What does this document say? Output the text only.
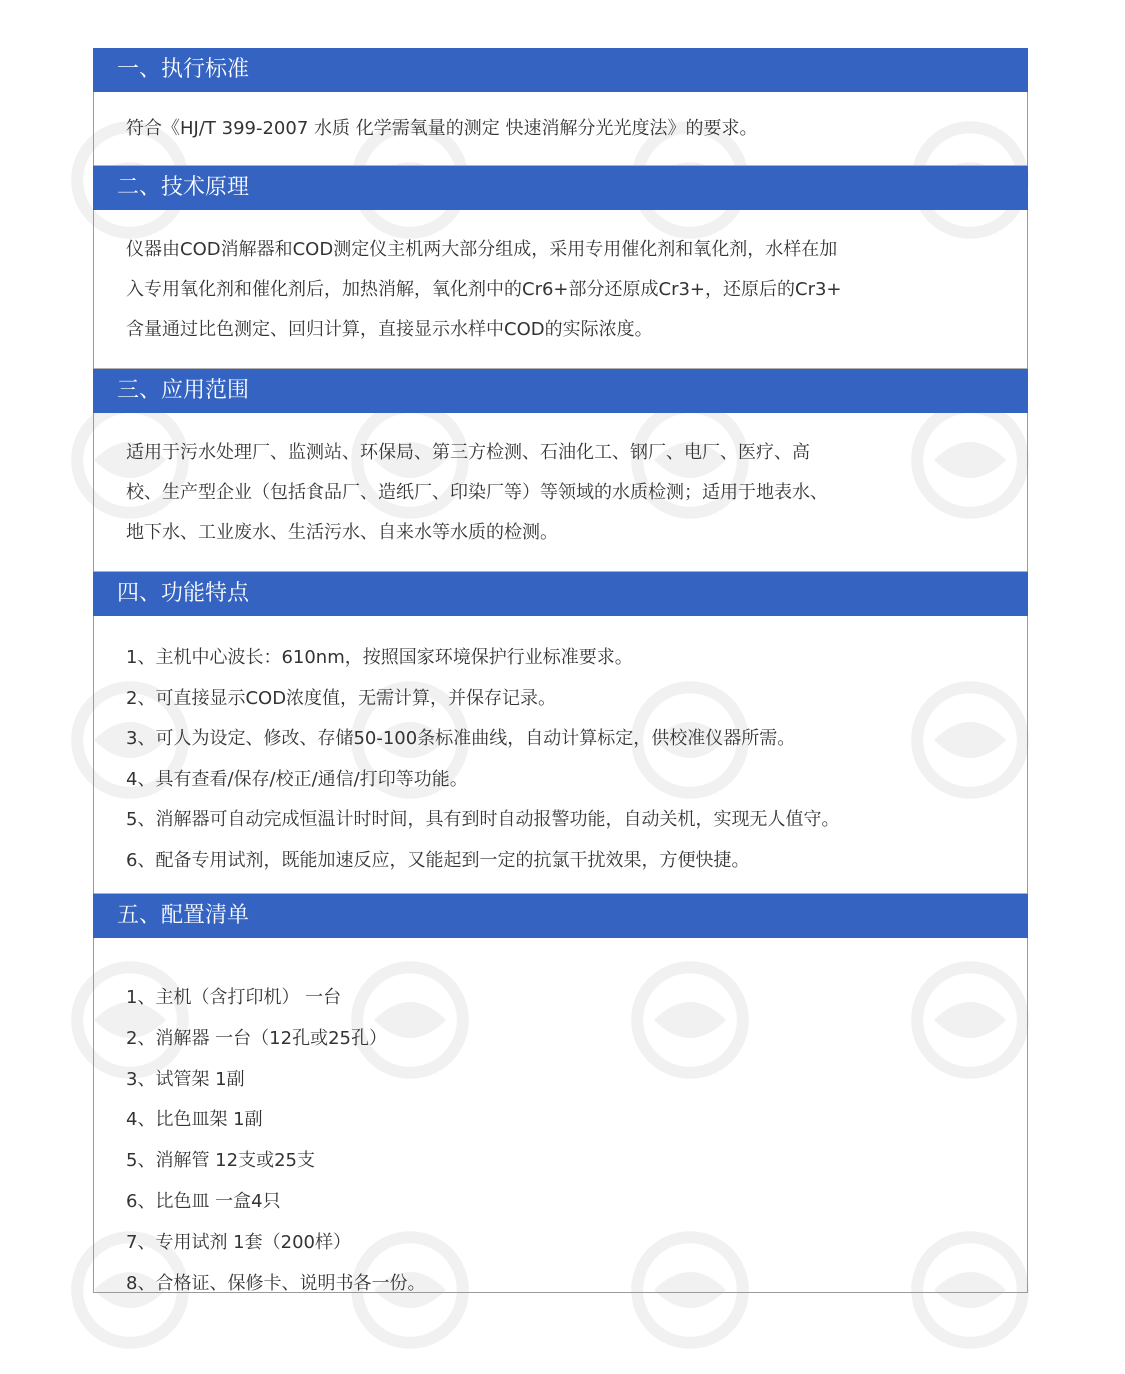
一、执行标准
符合《HJ/T 399-2007 水质 化学需氧量的测定 快速消解分光光度法》的要求。
二、技术原理
仪器由COD消解器和COD测定仪主机两大部分组成，采用专用催化剂和氧化剂，水样在加
入专用氧化剂和催化剂后，加热消解，氧化剂中的Cr6+部分还原成Cr3+，还原后的Cr3+
含量通过比色测定、回归计算，直接显示水样中COD的实际浓度。
三、应用范围
适用于污水处理厂、监测站、环保局、第三方检测、石油化工、钢厂、电厂、医疗、高
校、生产型企业（包括食品厂、造纸厂、印染厂等）等领域的水质检测；适用于地表水、
地下水、工业废水、生活污水、自来水等水质的检测。
四、功能特点
1、主机中心波长：610nm，按照国家环境保护行业标准要求。
2、可直接显示COD浓度值，无需计算，并保存记录。
3、可人为设定、修改、存储50-100条标准曲线，自动计算标定，供校准仪器所需。
4、具有查看/保存/校正/通信/打印等功能。
5、消解器可自动完成恒温计时时间，具有到时自动报警功能，自动关机，实现无人值守。
6、配备专用试剂，既能加速反应，又能起到一定的抗氯干扰效果，方便快捷。
五、配置清单
1、主机（含打印机） 一台
2、消解器 一台（12孔或25孔）
3、试管架 1副
4、比色皿架 1副
5、消解管 12支或25支
6、比色皿 一盒4只
7、专用试剂 1套（200样）
8、合格证、保修卡、说明书各一份。
